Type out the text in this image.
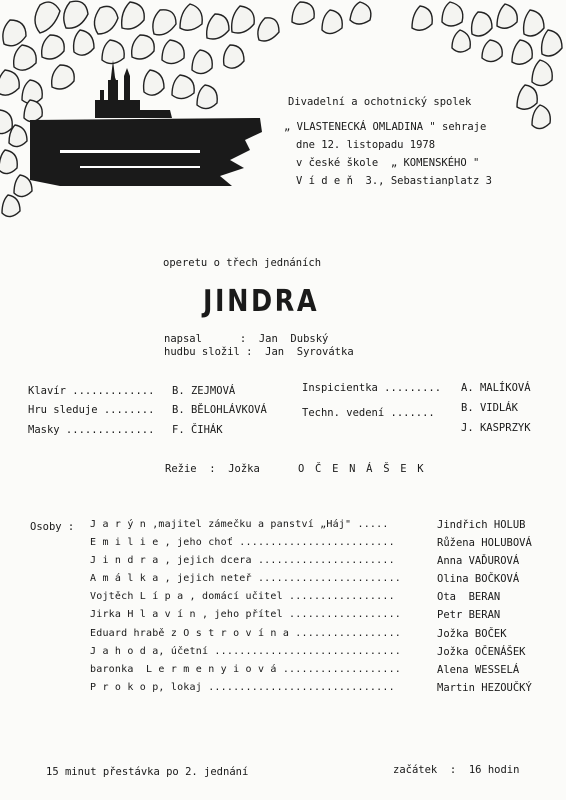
Divadelní a ochotnický spolek
„ VLASTENECKÁ OMLADINA " sehraje
dne 12. listopadu 1978
v české škole  „ KOMENSKÉHO "
V í d e ň  3., Sebastianplatz 3
operetu o třech jednáních
JINDRA
napsal      :  Jan  Dubský
hudbu složil :  Jan  Syrovátka
Klavír ............. B. ZEJMOVÁ
Hru sleduje ........ B. BĚLOHLÁVKOVÁ
Masky .............. F. ČIHÁK
Inspicientka ......... A. MALÍKOVÁ
Techn. vedení ....... B. VIDLÁK
J. KASPRZYK
Režie  :  Jožka	O Č E N Á Š E K
Osoby : J a r ý n ,majitel zámečku a panství „Háj" .....	Jindřich HOLUB
E m i l i e , jeho choť .........................	Růžena HOLUBOVÁ
J i n d r a , jejich dcera ......................	Anna VAĎUROVÁ
A m á l k a , jejich neteř .......................	Olina BOČKOVÁ
Vojtěch L í p a , domácí učitel .................	Ota  BERAN
Jirka H l a v í n , jeho přítel ..................	Petr BERAN
Eduard hrabě z O s t r o v í n a .................	Jožka BOČEK
J a h o d a, účetní ..............................	Jožka OČENÁŠEK
baronka  L e r m e n y i o v á ...................	Alena WESSELÁ
P r o k o p, lokaj ..............................	Martin HEZOUČKÝ
15 minut přestávka po 2. jednání	začátek  :  16 hodin
